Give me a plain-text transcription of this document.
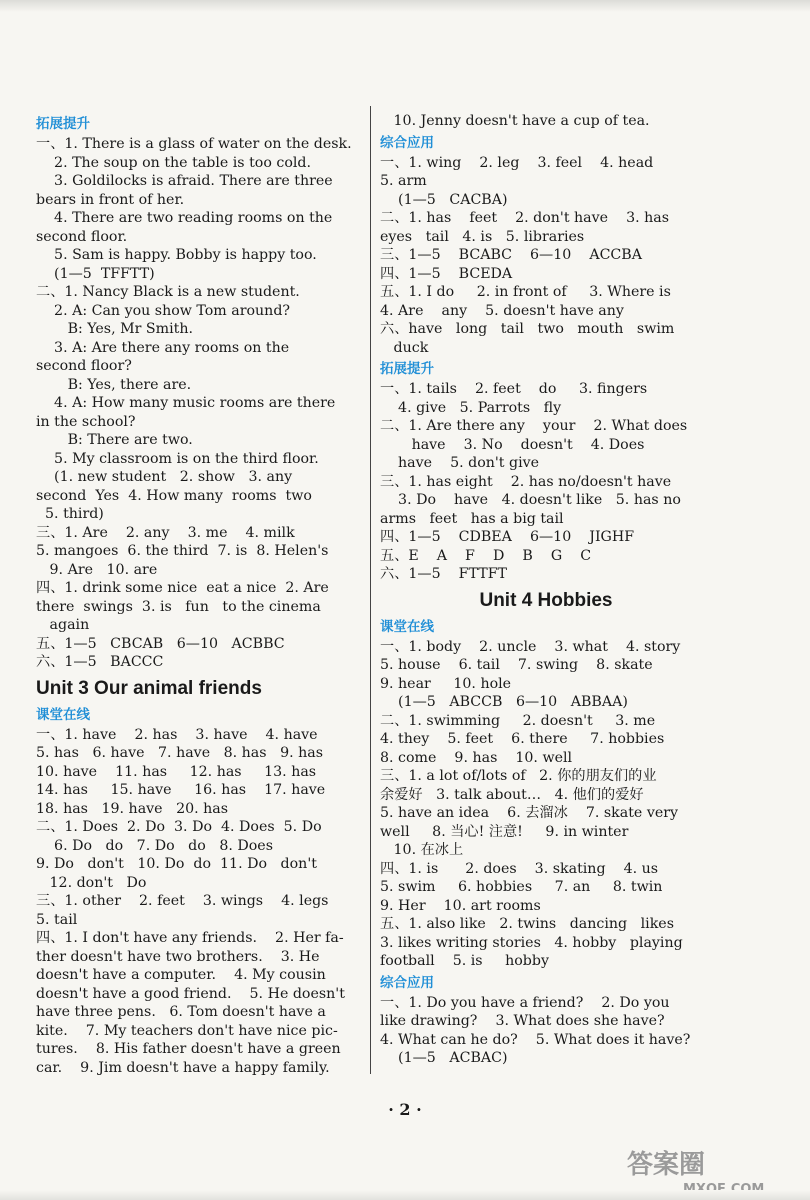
拓展提升
一、1. There is a glass of water on the desk.
2. The soup on the table is too cold.
3. Goldilocks is afraid. There are three
bears in front of her.
4. There are two reading rooms on the
second floor.
5. Sam is happy. Bobby is happy too.
(1—5  TFFTT)
二、1. Nancy Black is a new student.
2. A: Can you show Tom around?
B: Yes, Mr Smith.
3. A: Are there any rooms on the
second floor?
B: Yes, there are.
4. A: How many music rooms are there
in the school?
B: There are two.
5. My classroom is on the third floor.
(1. new student   2. show   3. any
second  Yes  4. How many  rooms  two
5. third)
三、1. Are    2. any    3. me    4. milk
5. mangoes  6. the third  7. is  8. Helen's
9. Are   10. are
四、1. drink some nice  eat a nice  2. Are
there  swings  3. is   fun   to the cinema
again
五、1—5   CBCAB   6—10   ACBBC
六、1—5   BACCC
Unit 3 Our animal friends
课堂在线
一、1. have    2. has    3. have    4. have
5. has   6. have   7. have   8. has   9. has
10. have    11. has     12. has     13. has
14. has     15. have     16. has    17. have
18. has   19. have   20. has
二、1. Does  2. Do  3. Do  4. Does  5. Do
6. Do   do   7. Do   do   8. Does
9. Do   don't   10. Do  do  11. Do   don't
12. don't   Do
三、1. other    2. feet    3. wings    4. legs
5. tail
四、1. I don't have any friends.    2. Her fa-
ther doesn't have two brothers.    3. He
doesn't have a computer.    4. My cousin
doesn't have a good friend.    5. He doesn't
have three pens.   6. Tom doesn't have a
kite.    7. My teachers don't have nice pic-
tures.    8. His father doesn't have a green
car.    9. Jim doesn't have a happy family.
10. Jenny doesn't have a cup of tea.
综合应用
一、1. wing    2. leg    3. feel    4. head
5. arm
(1—5   CACBA)
二、1. has    feet    2. don't have    3. has
eyes   tail   4. is   5. libraries
三、1—5    BCABC    6—10    ACCBA
四、1—5    BCEDA
五、1. I do     2. in front of     3. Where is
4. Are    any    5. doesn't have any
六、have   long   tail   two   mouth   swim
duck
拓展提升
一、1. tails    2. feet    do     3. fingers
4. give   5. Parrots   fly
二、1. Are there any    your    2. What does
have    3. No    doesn't    4. Does
have    5. don't give
三、1. has eight    2. has no/doesn't have
3. Do    have   4. doesn't like   5. has no
arms   feet   has a big tail
四、1—5    CDBEA    6—10    JIGHF
五、E    A    F    D    B    G    C
六、1—5    FTTFT
Unit 4 Hobbies
课堂在线
一、1. body    2. uncle    3. what    4. story
5. house    6. tail    7. swing    8. skate
9. hear     10. hole
(1—5   ABCCB   6—10   ABBAA)
二、1. swimming     2. doesn't     3. me
4. they    5. feet    6. there     7. hobbies
8. come    9. has    10. well
三、1. a lot of/lots of   2. 你的朋友们的业
余爱好   3. talk about…   4. 他们的爱好
5. have an idea    6. 去溜冰    7. skate very
well     8. 当心! 注意!     9. in winter
10. 在冰上
四、1. is      2. does    3. skating    4. us
5. swim     6. hobbies     7. an     8. twin
9. Her    10. art rooms
五、1. also like   2. twins   dancing   likes
3. likes writing stories   4. hobby   playing
football    5. is     hobby
综合应用
一、1. Do you have a friend?    2. Do you
like drawing?    3. What does she have?
4. What can he do?    5. What does it have?
(1—5   ACBAC)
· 2 ·
答案圈
